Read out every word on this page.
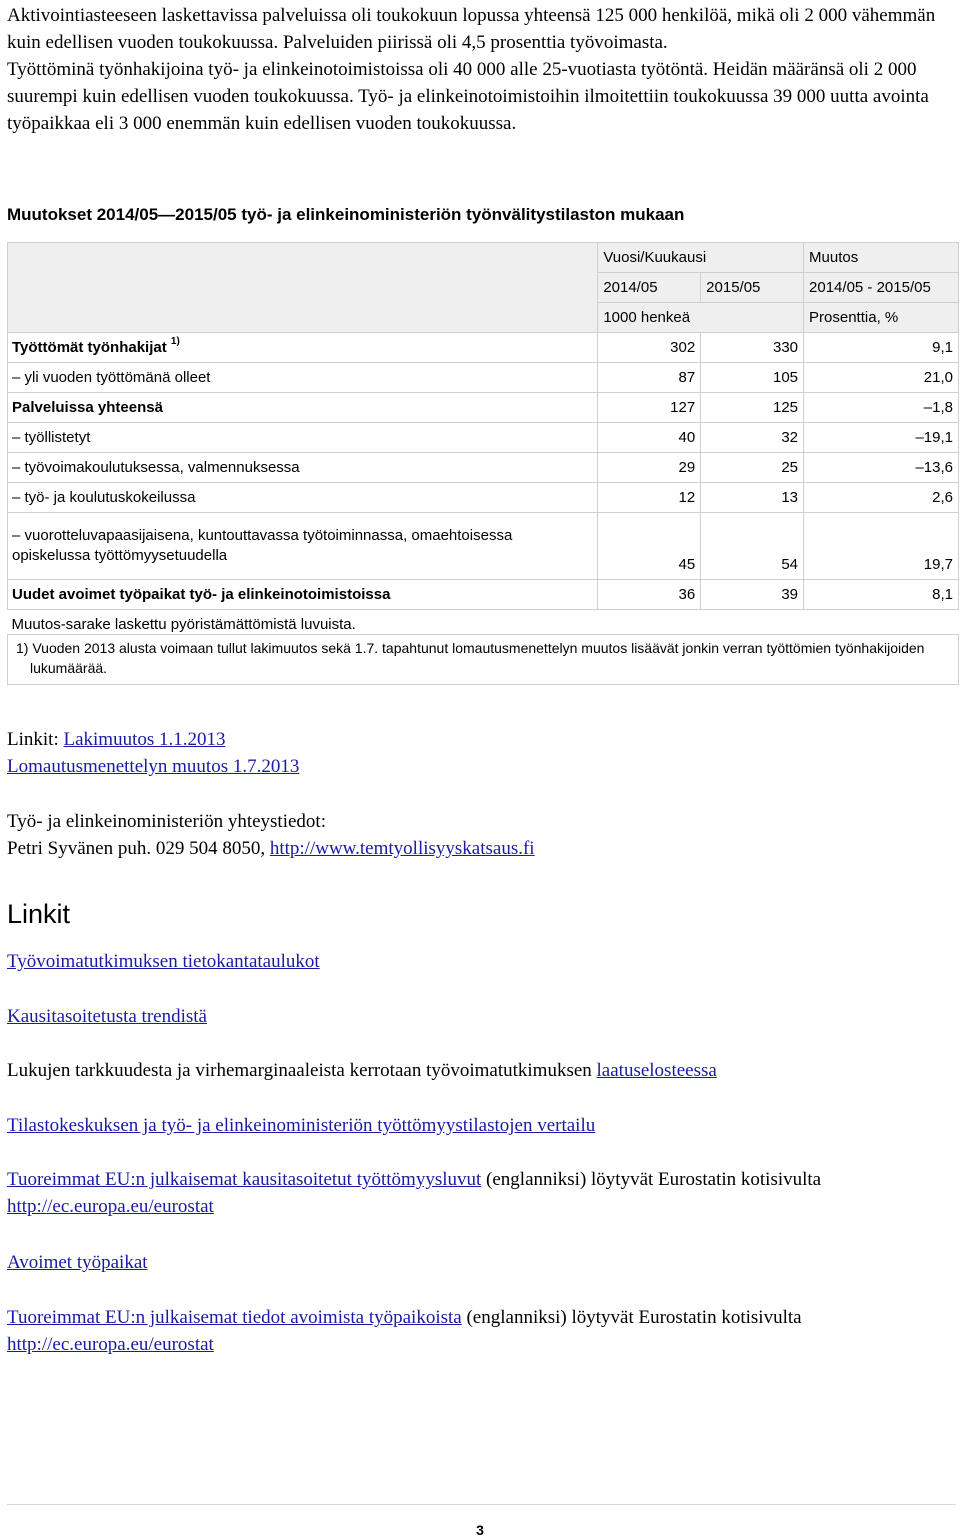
Aktivointiasteeseen laskettavissa palveluissa oli toukokuun lopussa yhteensä 125 000 henkilöä, mikä oli 2 000 vähemmän kuin edellisen vuoden toukokuussa. Palveluiden piirissä oli 4,5 prosenttia työvoimasta.

Työttöminä työnhakijoina työ- ja elinkeinotoimistoissa oli 40 000 alle 25-vuotiasta työtöntä. Heidän määränsä oli 2 000 suurempi kuin edellisen vuoden toukokuussa. Työ- ja elinkeinotoimistoihin ilmoitettiin toukokuussa 39 000 uutta avointa työpaikkaa eli 3 000 enemmän kuin edellisen vuoden toukokuussa.

Muutokset 2014/05—2015/05 työ- ja elinkeinoministeriön työnvälitystilaston mukaan

	Vuosi/Kuukausi		Muutos
	2014/05	2015/05	2014/05 - 2015/05
	1000 henkeä		Prosenttia, %
Työttömät työnhakijat $^{1)}$	302	330	9,1
– yli vuoden työttömänä olleet	87	105	21,0
Palveluissa yhteensä	127	125	–1,8
– työllistetyt	40	32	–19,1
– työvoimakoulutuksessa, valmennuksessa	29	25	–13,6
– työ- ja koulutuskokeilussa	12	13	2,6
– vuorotteluvapaasijaisena, kuntouttavassa työtoiminnassa, omaehtoisessa opiskelussa työttömyysetuudella	45	54	19,7
Uudet avoimet työpaikat työ- ja elinkeinotoimistoissa	36	39	8,1
Muutos-sarake laskettu pyöristämättömistä luvuista.			
1) Vuoden 2013 alusta voimaan tullut lakimuutos sekä 1.7. tapahtunut lomautusmenettelyn muutos lisäävät jonkin verran työttömien työnhakijoiden lukumäärää.

Linkit: Lakimuutos 1.1.2013

Lomautusmenettelyn muutos 1.7.2013

Työ- ja elinkeinoministeriön yhteystiedot:

Petri Syvänen puh. 029 504 8050, http://www.temtyollisyyskatsaus.fi

Linkit

Työvoimatutkimuksen tietokantataulukot

Kausitasoitetusta trendistä

Lukujen tarkkuudesta ja virhemarginaaleista kerrotaan työvoimatutkimuksen laatuselosteessa

Tilastokeskuksen ja työ- ja elinkeinoministeriön työttömyystilastojen vertailu

Tuoreimmat EU:n julkaisemat kausitasoitetut työttömyysluvut (englanniksi) löytyvät Eurostatin kotisivulta http://ec.europa.eu/eurostat

Avoimet työpaikat

Tuoreimmat EU:n julkaisemat tiedot avoimista työpaikoista (englanniksi) löytyvät Eurostatin kotisivulta http://ec.europa.eu/eurostat

3
